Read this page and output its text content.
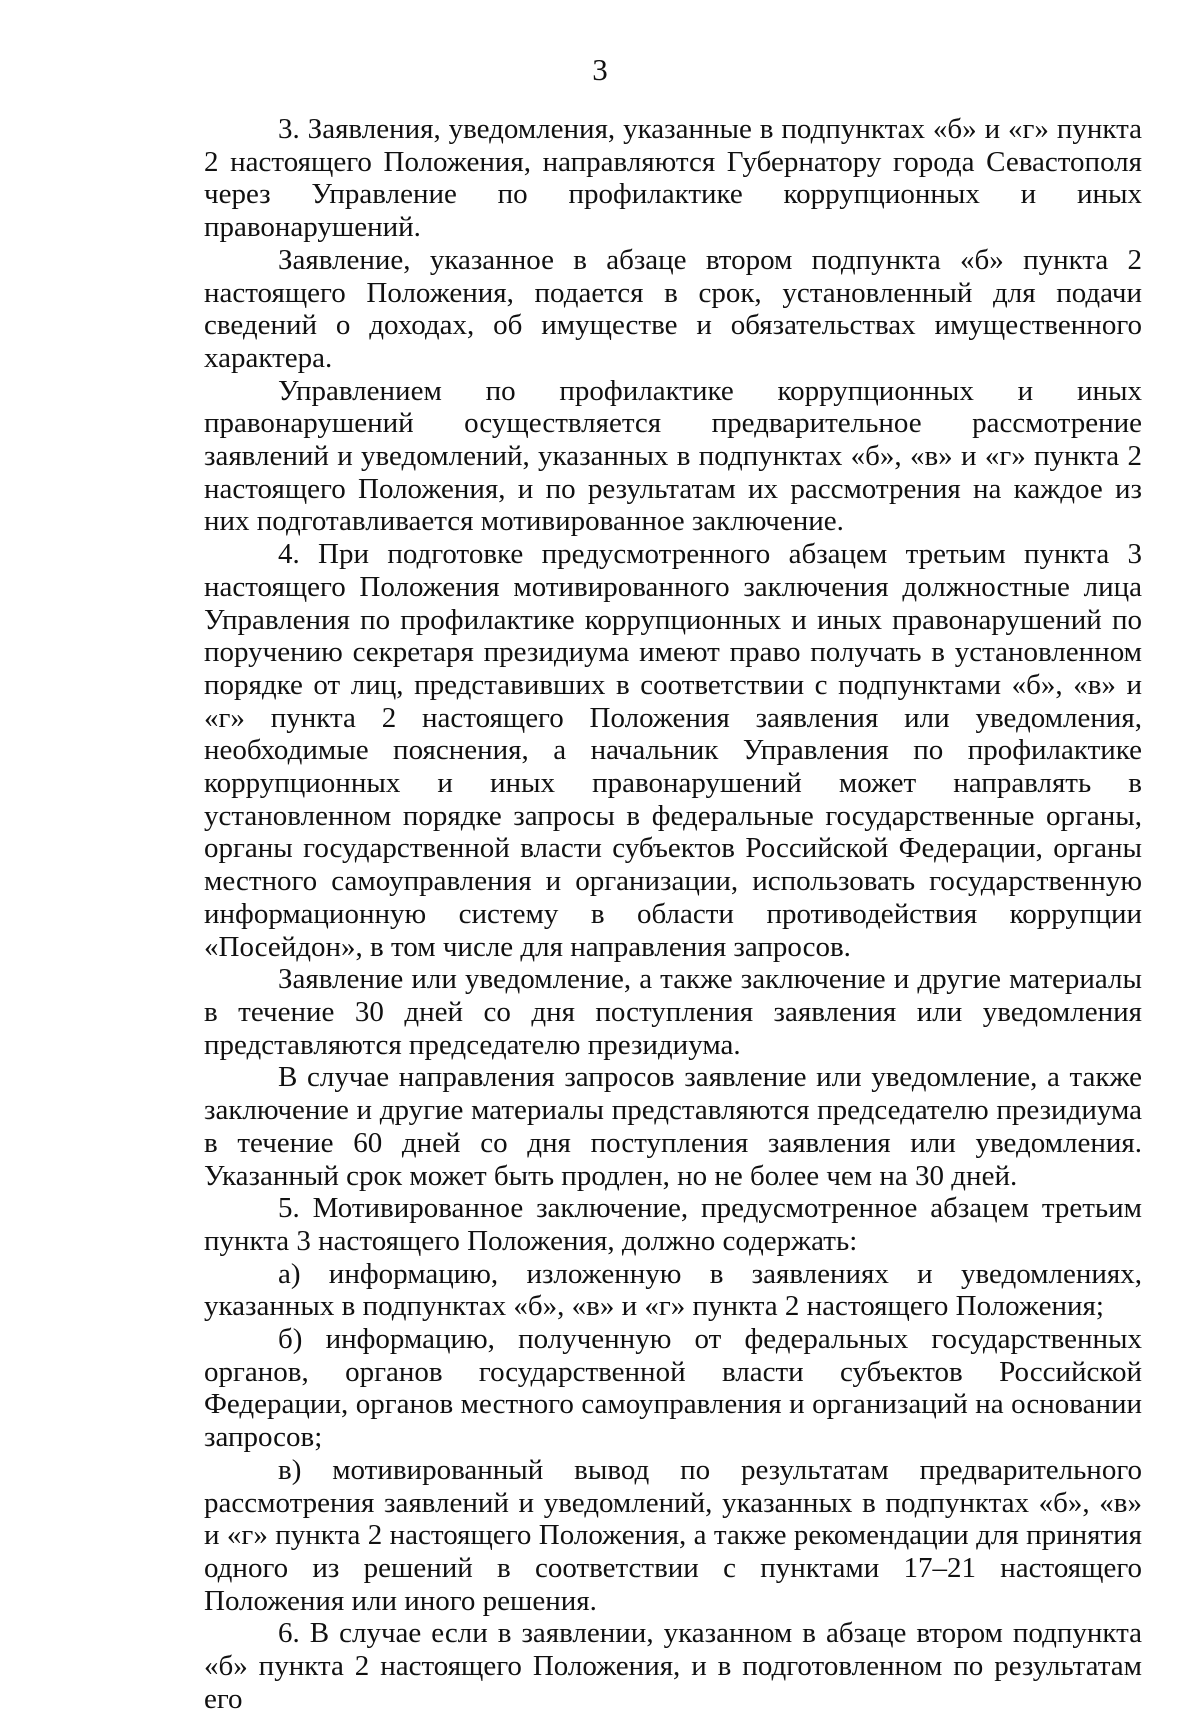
3

3. Заявления, уведомления, указанные в подпунктах «б» и «г» пункта 2 настоящего Положения, направляются Губернатору города Севастополя через Управление по профилактике коррупционных и иных правонарушений.

Заявление, указанное в абзаце втором подпункта «б» пункта 2 настоящего Положения, подается в срок, установленный для подачи сведений о доходах, об имуществе и обязательствах имущественного характера.

Управлением по профилактике коррупционных и иных правонарушений осуществляется предварительное рассмотрение заявлений и уведомлений, указанных в подпунктах «б», «в» и «г» пункта 2 настоящего Положения, и по результатам их рассмотрения на каждое из них подготавливается мотивированное заключение.

4. При подготовке предусмотренного абзацем третьим пункта 3 настоящего Положения мотивированного заключения должностные лица Управления по профилактике коррупционных и иных правонарушений по поручению секретаря президиума имеют право получать в установленном порядке от лиц, представивших в соответствии с подпунктами «б», «в» и «г» пункта 2 настоящего Положения заявления или уведомления, необходимые пояснения, а начальник Управления по профилактике коррупционных и иных правонарушений может направлять в установленном порядке запросы в федеральные государственные органы, органы государственной власти субъектов Российской Федерации, органы местного самоуправления и организации, использовать государственную информационную систему в области противодействия коррупции «Посейдон», в том числе для направления запросов.

Заявление или уведомление, а также заключение и другие материалы в течение 30 дней со дня поступления заявления или уведомления представляются председателю президиума.

В случае направления запросов заявление или уведомление, а также заключение и другие материалы представляются председателю президиума в течение 60 дней со дня поступления заявления или уведомления. Указанный срок может быть продлен, но не более чем на 30 дней.

5. Мотивированное заключение, предусмотренное абзацем третьим пункта 3 настоящего Положения, должно содержать:

а) информацию, изложенную в заявлениях и уведомлениях, указанных в подпунктах «б», «в» и «г» пункта 2 настоящего Положения;

б) информацию, полученную от федеральных государственных органов, органов государственной власти субъектов Российской Федерации, органов местного самоуправления и организаций на основании запросов;

в) мотивированный вывод по результатам предварительного рассмотрения заявлений и уведомлений, указанных в подпунктах «б», «в» и «г» пункта 2 настоящего Положения, а также рекомендации для принятия одного из решений в соответствии с пунктами 17–21 настоящего Положения или иного решения.

6. В случае если в заявлении, указанном в абзаце втором подпункта «б» пункта 2 настоящего Положения, и в подготовленном по результатам его
